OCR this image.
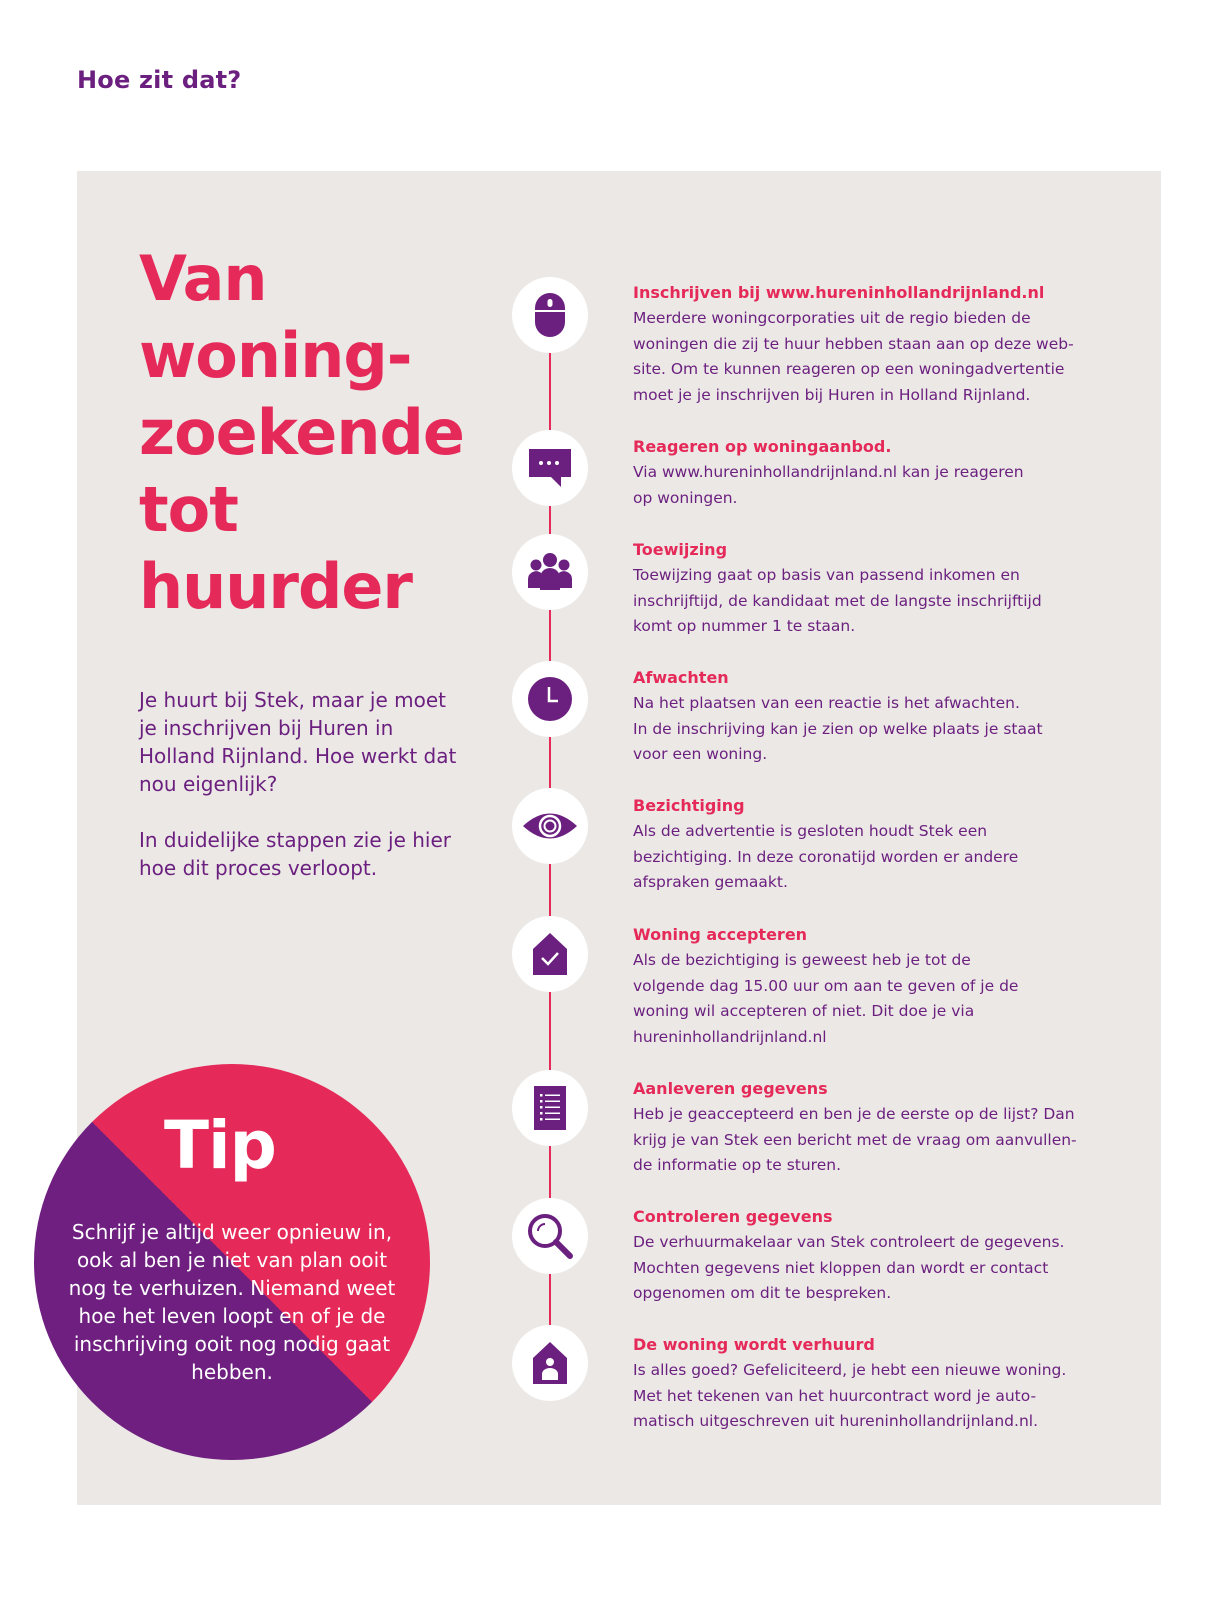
Hoe zit dat?
Van
woning-
zoekende
tot
huurder

Je huurt bij Stek, maar je moet je inschrijven bij Huren in Holland Rijnland. Hoe werkt dat nou eigenlijk?

In duidelijke stappen zie je hier hoe dit proces verloopt.

Inschrijven bij www.hureninhollandrijnland.nl
Meerdere woningcorporaties uit de regio bieden de
woningen die zij te huur hebben staan aan op deze web-
site. Om te kunnen reageren op een woningadvertentie
moet je je inschrijven bij Huren in Holland Rijnland.
Reageren op woningaanbod.
Via www.hureninhollandrijnland.nl kan je reageren
op woningen.
Toewijzing
Toewijzing gaat op basis van passend inkomen en
inschrijftijd, de kandidaat met de langste inschrijftijd
komt op nummer 1 te staan.
Afwachten
Na het plaatsen van een reactie is het afwachten.
In de inschrijving kan je zien op welke plaats je staat
voor een woning.
Bezichtiging
Als de advertentie is gesloten houdt Stek een
bezichtiging. In deze coronatijd worden er andere
afspraken gemaakt.
Woning accepteren
Als de bezichtiging is geweest heb je tot de
volgende dag 15.00 uur om aan te geven of je de
woning wil accepteren of niet. Dit doe je via
hureninhollandrijnland.nl
Aanleveren gegevens
Heb je geaccepteerd en ben je de eerste op de lijst? Dan
krijg je van Stek een bericht met de vraag om aanvullen-
de informatie op te sturen.
Controleren gegevens
De verhuurmakelaar van Stek controleert de gegevens.
Mochten gegevens niet kloppen dan wordt er contact
opgenomen om dit te bespreken.
De woning wordt verhuurd
Is alles goed? Gefeliciteerd, je hebt een nieuwe woning.
Met het tekenen van het huurcontract word je auto-
matisch uitgeschreven uit hureninhollandrijnland.nl.
Tip
Schrijf je altijd weer opnieuw in, ook al ben je niet van plan ooit nog te verhuizen. Niemand weet hoe het leven loopt en of je de inschrijving ooit nog nodig gaat hebben.
